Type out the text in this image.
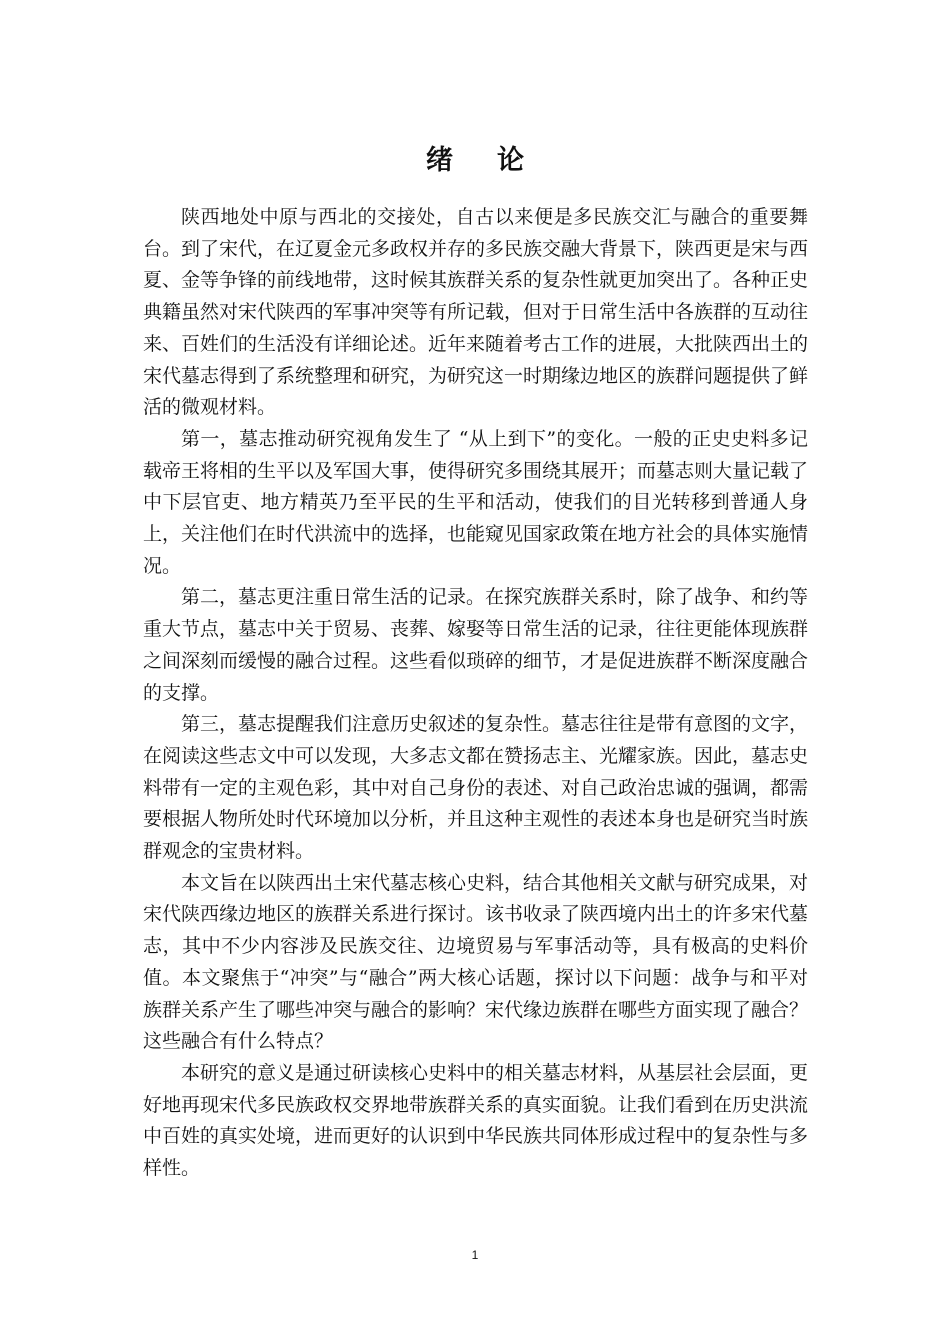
绪论

陕西地处中原与西北的交接处，自古以来便是多民族交汇与融合的重要舞台。到了宋代，在辽夏金元多政权并存的多民族交融大背景下，陕西更是宋与西夏、金等争锋的前线地带，这时候其族群关系的复杂性就更加突出了。各种正史典籍虽然对宋代陕西的军事冲突等有所记载，但对于日常生活中各族群的互动往来、百姓们的生活没有详细论述。近年来随着考古工作的进展，大批陕西出土的宋代墓志得到了系统整理和研究，为研究这一时期缘边地区的族群问题提供了鲜活的微观材料。

第一，墓志推动研究视角发生了 “从上到下”的变化。一般的正史史料多记载帝王将相的生平以及军国大事，使得研究多围绕其展开；而墓志则大量记载了中下层官吏、地方精英乃至平民的生平和活动，使我们的目光转移到普通人身上，关注他们在时代洪流中的选择，也能窥见国家政策在地方社会的具体实施情况。

第二，墓志更注重日常生活的记录。在探究族群关系时，除了战争、和约等重大节点，墓志中关于贸易、丧葬、嫁娶等日常生活的记录，往往更能体现族群之间深刻而缓慢的融合过程。这些看似琐碎的细节，才是促进族群不断深度融合的支撑。

第三，墓志提醒我们注意历史叙述的复杂性。墓志往往是带有意图的文字，在阅读这些志文中可以发现，大多志文都在赞扬志主、光耀家族。因此，墓志史料带有一定的主观色彩，其中对自己身份的表述、对自己政治忠诚的强调，都需要根据人物所处时代环境加以分析，并且这种主观性的表述本身也是研究当时族群观念的宝贵材料。

本文旨在以陕西出土宋代墓志核心史料，结合其他相关文献与研究成果，对宋代陕西缘边地区的族群关系进行探讨。该书收录了陕西境内出土的许多宋代墓志，其中不少内容涉及民族交往、边境贸易与军事活动等，具有极高的史料价值。本文聚焦于“冲突”与“融合”两大核心话题，探讨以下问题：战争与和平对族群关系产生了哪些冲突与融合的影响？宋代缘边族群在哪些方面实现了融合？这些融合有什么特点？

本研究的意义是通过研读核心史料中的相关墓志材料，从基层社会层面，更好地再现宋代多民族政权交界地带族群关系的真实面貌。让我们看到在历史洪流中百姓的真实处境，进而更好的认识到中华民族共同体形成过程中的复杂性与多样性。

1
